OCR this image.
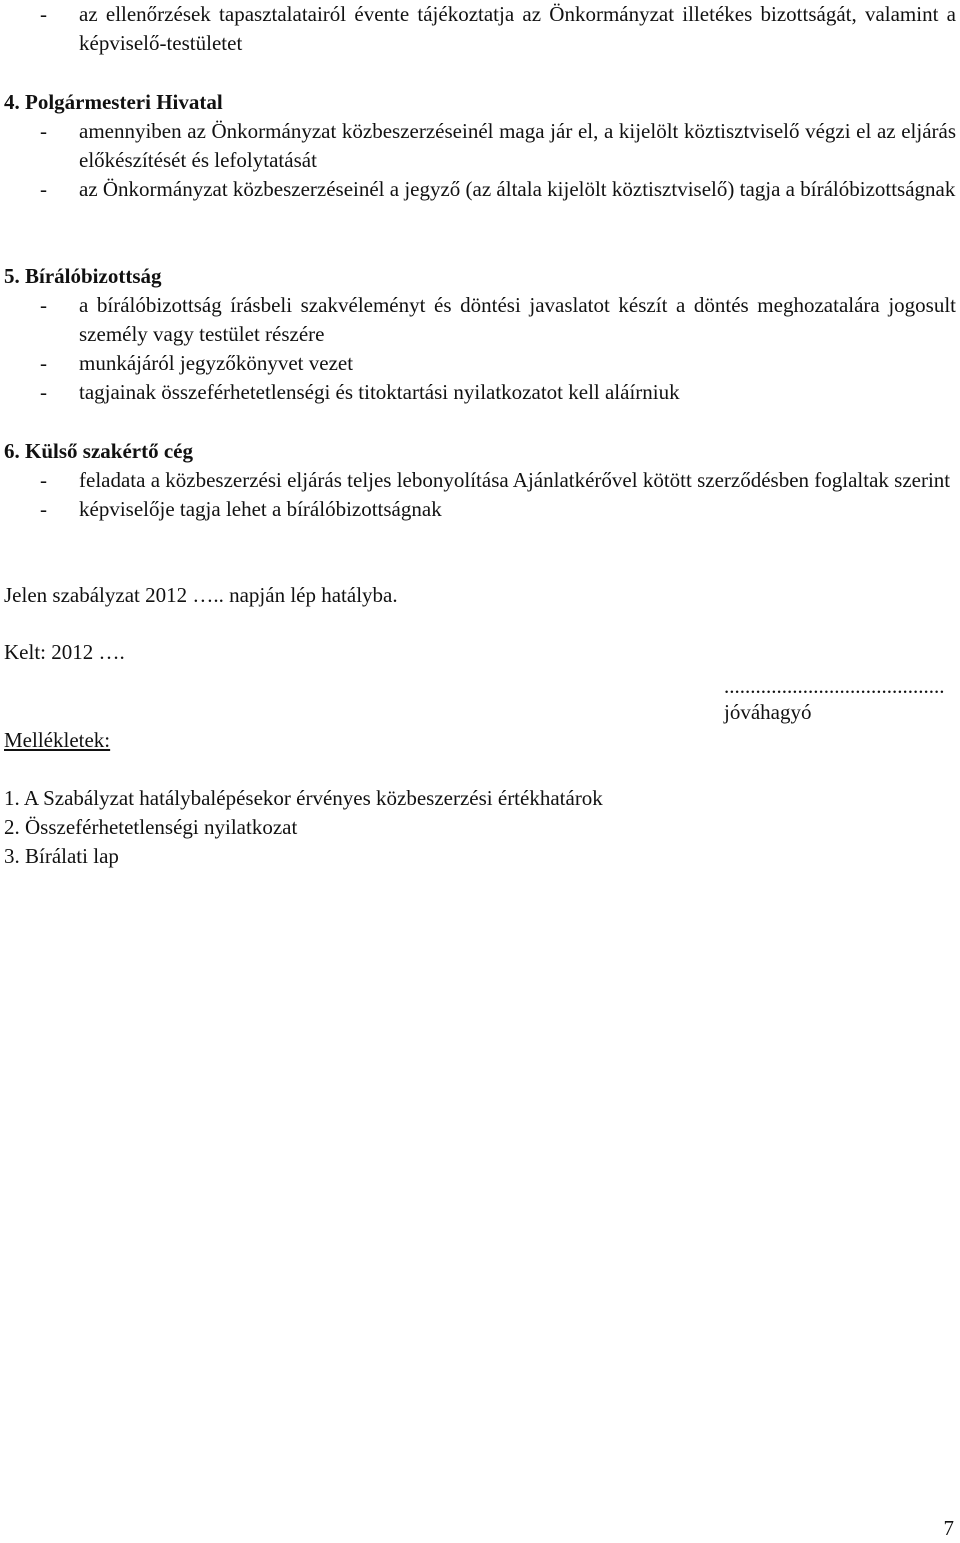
- az ellenőrzések tapasztalatairól évente tájékoztatja az Önkormányzat illetékes bizottságát, valamint a képviselő-testületet
4. Polgármesteri Hivatal
- amennyiben az Önkormányzat közbeszerzéseinél maga jár el, a kijelölt köztisztviselő végzi el az eljárás előkészítését és lefolytatását
- az Önkormányzat közbeszerzéseinél a jegyző (az általa kijelölt köztisztviselő) tagja a bírálóbizottságnak
5. Bírálóbizottság
- a bírálóbizottság írásbeli szakvéleményt és döntési javaslatot készít a döntés meghozatalára jogosult személy vagy testület részére
- munkájáról jegyzőkönyvet vezet
- tagjainak összeférhetetlenségi és titoktartási nyilatkozatot kell aláírniuk
6. Külső szakértő cég
- feladata a közbeszerzési eljárás teljes lebonyolítása Ajánlatkérővel kötött szerződésben foglaltak szerint
- képviselője tagja lehet a bírálóbizottságnak
Jelen szabályzat 2012 ….. napján lép hatályba.
Kelt: 2012 ….
..........................................
jóváhagyó
Mellékletek:
1. A Szabályzat hatálybalépésekor érvényes közbeszerzési értékhatárok
2. Összeférhetetlenségi nyilatkozat
3. Bírálati lap
7
